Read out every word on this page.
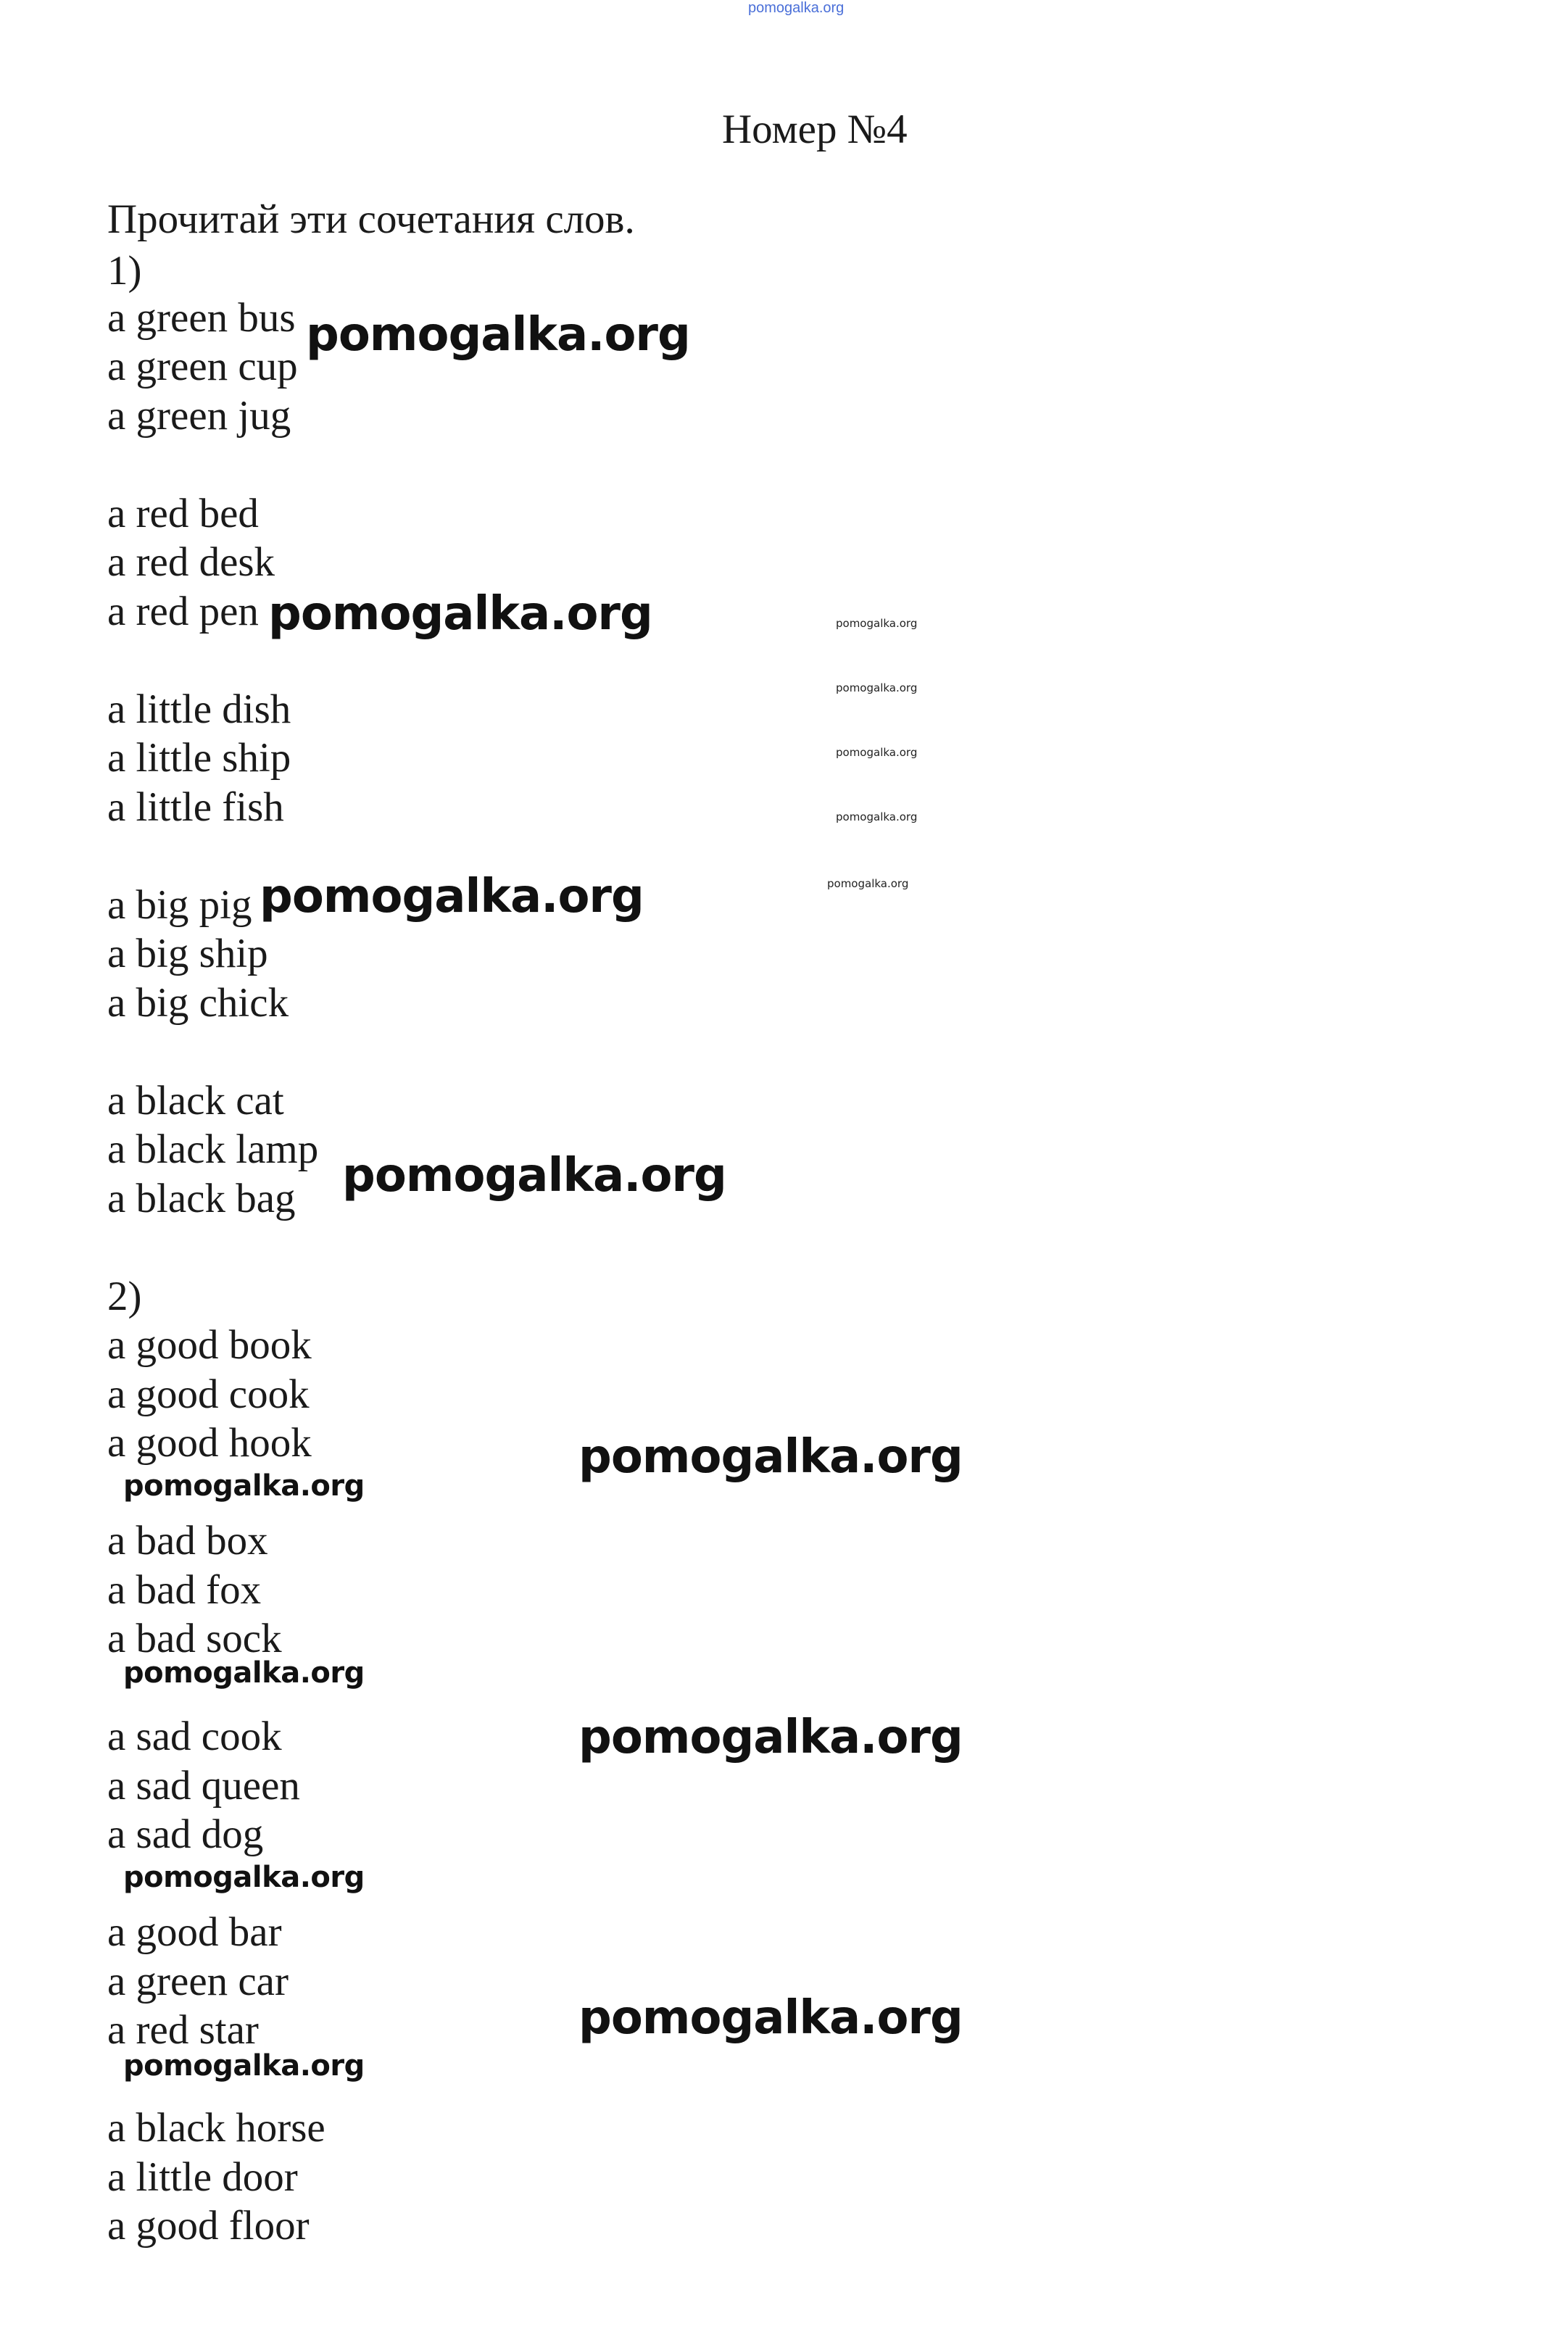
pomogalka.org
Номер №4
Прочитай эти сочетания слов.
1)
a green bus
a green cup
a green jug
a red bed
a red desk
a red pen
a little dish
a little ship
a little fish
a big pig
a big ship
a big chick
a black cat
a black lamp
a black bag
2)
a good book
a good cook
a good hook
a bad box
a bad fox
a bad sock
a sad cook
a sad queen
a sad dog
a good bar
a green car
a red star
a black horse
a little door
a good floor
pomogalka.org
pomogalka.org
pomogalka.org
pomogalka.org
pomogalka.org
pomogalka.org
pomogalka.org
pomogalka.org
pomogalka.org
pomogalka.org
pomogalka.org
pomogalka.org
pomogalka.org
pomogalka.org
pomogalka.org
pomogalka.org
